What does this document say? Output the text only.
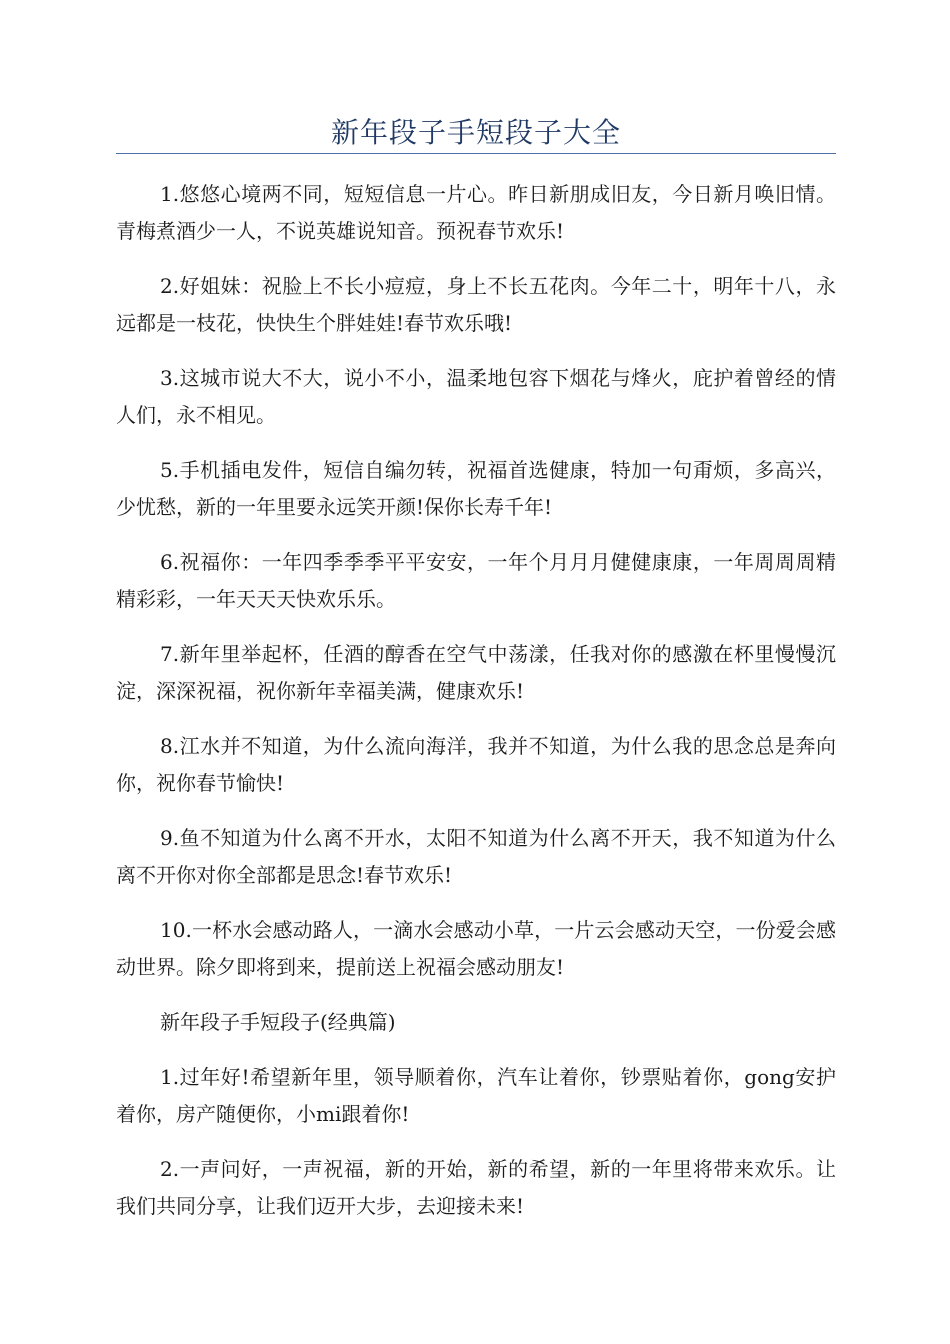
新年段子手短段子大全

1.悠悠心境两不同，短短信息一片心。昨日新朋成旧友，今日新月唤旧情。青梅煮酒少一人，不说英雄说知音。预祝春节欢乐!

2.好姐妹：祝脸上不长小痘痘，身上不长五花肉。今年二十，明年十八，永远都是一枝花，快快生个胖娃娃!春节欢乐哦!

3.这城市说大不大，说小不小，温柔地包容下烟花与烽火，庇护着曾经的情人们，永不相见。

5.手机插电发件，短信自编勿转，祝福首选健康，特加一句甭烦，多高兴，少忧愁，新的一年里要永远笑开颜!保你长寿千年!

6.祝福你：一年四季季季平平安安，一年个月月月健健康康，一年周周周精精彩彩，一年天天天快欢乐乐。

7.新年里举起杯，任酒的醇香在空气中荡漾，任我对你的感激在杯里慢慢沉淀，深深祝福，祝你新年幸福美满，健康欢乐!

8.江水并不知道，为什么流向海洋，我并不知道，为什么我的思念总是奔向你，祝你春节愉快!

9.鱼不知道为什么离不开水，太阳不知道为什么离不开天，我不知道为什么离不开你对你全部都是思念!春节欢乐!

10.一杯水会感动路人，一滴水会感动小草，一片云会感动天空，一份爱会感动世界。除夕即将到来，提前送上祝福会感动朋友!

新年段子手短段子(经典篇)

1.过年好!希望新年里，领导顺着你，汽车让着你，钞票贴着你，gong安护着你，房产随便你，小mi跟着你!

2.一声问好，一声祝福，新的开始，新的希望，新的一年里将带来欢乐。让我们共同分享，让我们迈开大步，去迎接未来!
